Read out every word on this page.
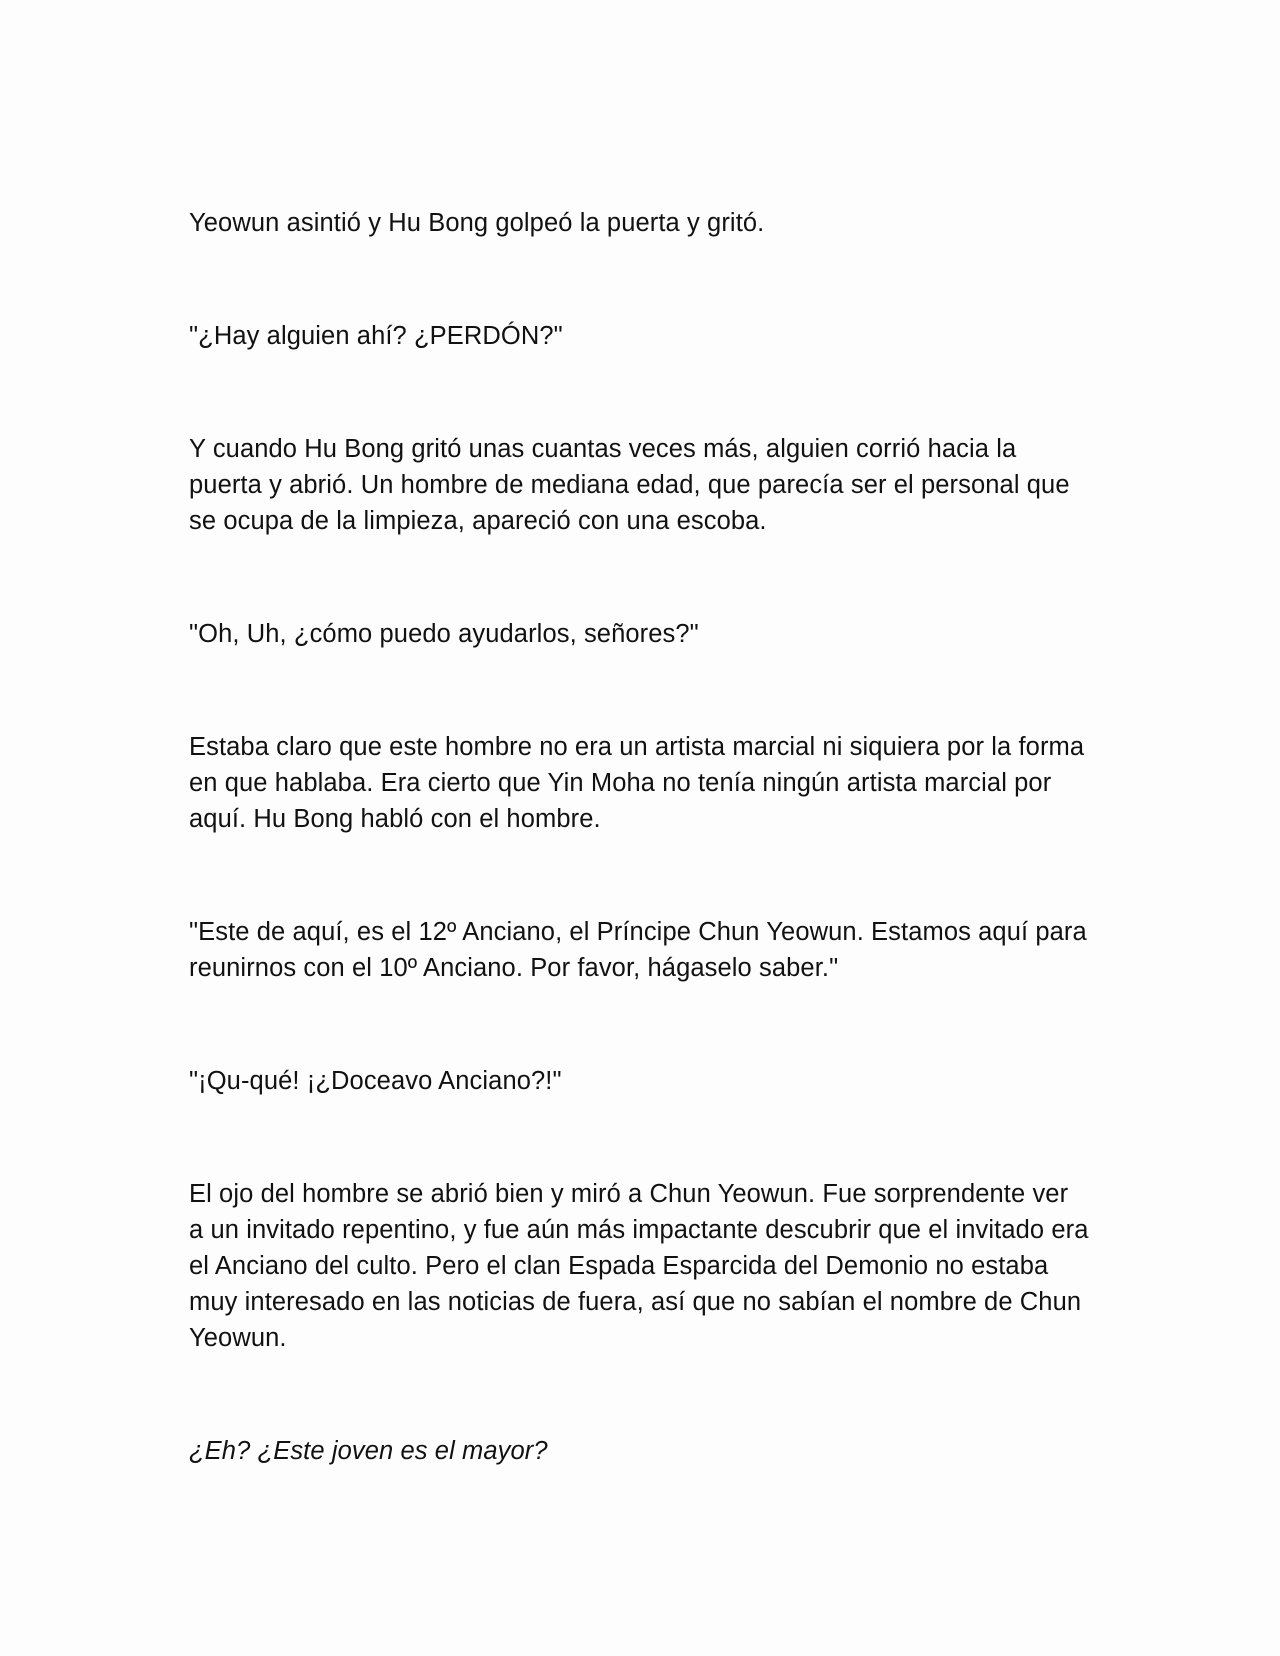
Yeowun asintió y Hu Bong golpeó la puerta y gritó.

"¿Hay alguien ahí? ¿PERDÓN?"

Y cuando Hu Bong gritó unas cuantas veces más, alguien corrió hacia la puerta y abrió. Un hombre de mediana edad, que parecía ser el personal que se ocupa de la limpieza, apareció con una escoba.

"Oh, Uh, ¿cómo puedo ayudarlos, señores?"

Estaba claro que este hombre no era un artista marcial ni siquiera por la forma en que hablaba. Era cierto que Yin Moha no tenía ningún artista marcial por aquí. Hu Bong habló con el hombre.

"Este de aquí, es el 12º Anciano, el Príncipe Chun Yeowun. Estamos aquí para reunirnos con el 10º Anciano. Por favor, hágaselo saber."

"¡Qu-qué! ¡¿Doceavo Anciano?!"

El ojo del hombre se abrió bien y miró a Chun Yeowun. Fue sorprendente ver a un invitado repentino, y fue aún más impactante descubrir que el invitado era el Anciano del culto. Pero el clan Espada Esparcida del Demonio no estaba muy interesado en las noticias de fuera, así que no sabían el nombre de Chun Yeowun.

¿Eh? ¿Este joven es el mayor?
